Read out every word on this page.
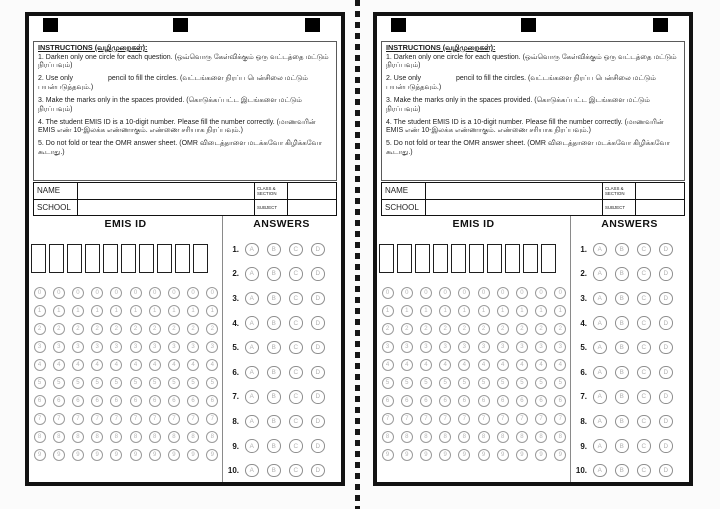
INSTRUCTIONS (வழிமுறைகள்):
1. Darken only one circle for each question. (ஒவ்வொரு கேள்விக்கும் ஒரு வட்டத்தை மட்டும் நிரப்பவும்)
2. Use only                  pencil to fill the circles. (வட்டங்களை நிரப்ப பென்சிலை மட்டும் பயன்படுத்தவும்.)
3. Make the marks only in the spaces provided. (கொடுக்கப்பட்ட இடங்களை மட்டும் நிரப்பவும்)
4. The student EMIS ID is a 10-digit number. Please fill the number correctly. (மாணவரின் EMIS எண் 10-இலக்க எண்ணாகும். எண்ணை சரியாக நிரப்பவும்.)
5. Do not fold or tear the OMR answer sheet. (OMR விடைத்தாளை மடக்கவோ கிழிக்கவோ கூடாது.)
NAME	CLASS & SECTION
SCHOOL	SUBJECT
EMIS ID
0	0	0	0	0	0	0	0	0	0
1	1	1	1	1	1	1	1	1	1
2	2	2	2	2	2	2	2	2	2
3	3	3	3	3	3	3	3	3	3
4	4	4	4	4	4	4	4	4	4
5	5	5	5	5	5	5	5	5	5
6	6	6	6	6	6	6	6	6	6
7	7	7	7	7	7	7	7	7	7
8	8	8	8	8	8	8	8	8	8
9	9	9	9	9	9	9	9	9	9
ANSWERS
1.	A	B	C	D
2.	A	B	C	D
3.	A	B	C	D
4.	A	B	C	D
5.	A	B	C	D
6.	A	B	C	D
7.	A	B	C	D
8.	A	B	C	D
9.	A	B	C	D
10.	A	B	C	D
INSTRUCTIONS (வழிமுறைகள்):
1. Darken only one circle for each question. (ஒவ்வொரு கேள்விக்கும் ஒரு வட்டத்தை மட்டும் நிரப்பவும்)
2. Use only                  pencil to fill the circles. (வட்டங்களை நிரப்ப பென்சிலை மட்டும் பயன்படுத்தவும்.)
3. Make the marks only in the spaces provided. (கொடுக்கப்பட்ட இடங்களை மட்டும் நிரப்பவும்)
4. The student EMIS ID is a 10-digit number. Please fill the number correctly. (மாணவரின் EMIS எண் 10-இலக்க எண்ணாகும். எண்ணை சரியாக நிரப்பவும்.)
5. Do not fold or tear the OMR answer sheet. (OMR விடைத்தாளை மடக்கவோ கிழிக்கவோ கூடாது.)
NAME	CLASS & SECTION
SCHOOL	SUBJECT
EMIS ID
0	0	0	0	0	0	0	0	0	0
1	1	1	1	1	1	1	1	1	1
2	2	2	2	2	2	2	2	2	2
3	3	3	3	3	3	3	3	3	3
4	4	4	4	4	4	4	4	4	4
5	5	5	5	5	5	5	5	5	5
6	6	6	6	6	6	6	6	6	6
7	7	7	7	7	7	7	7	7	7
8	8	8	8	8	8	8	8	8	8
9	9	9	9	9	9	9	9	9	9
ANSWERS
1.	A	B	C	D
2.	A	B	C	D
3.	A	B	C	D
4.	A	B	C	D
5.	A	B	C	D
6.	A	B	C	D
7.	A	B	C	D
8.	A	B	C	D
9.	A	B	C	D
10.	A	B	C	D
